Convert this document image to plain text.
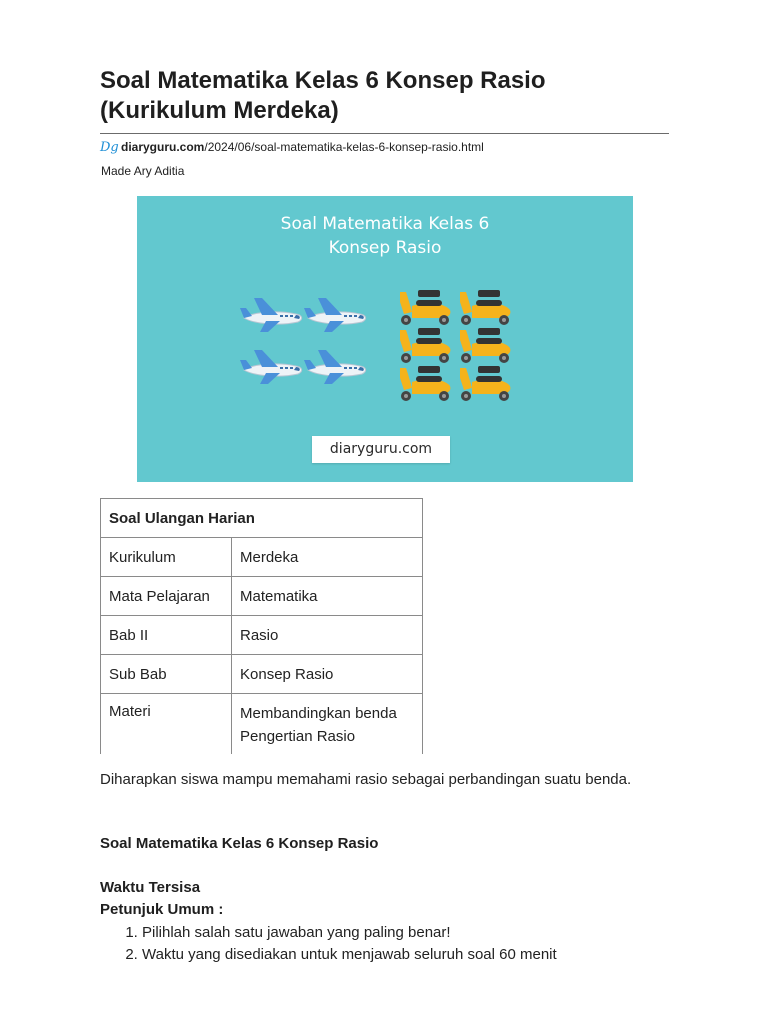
Soal Matematika Kelas 6 Konsep Rasio (Kurikulum Merdeka)
Dg diaryguru.com /2024/06/soal-matematika-kelas-6-konsep-rasio.html
Made Ary Aditia
Soal Matematika Kelas 6
Konsep Rasio
diaryguru.com
Soal Ulangan Harian	
Kurikulum	Merdeka
Mata Pelajaran	Matematika
Bab II	Rasio
Sub Bab	Konsep Rasio
Materi	Membandingkan benda
Pengertian Rasio
Diharapkan siswa mampu memahami rasio sebagai perbandingan suatu benda.
Soal Matematika Kelas 6 Konsep Rasio
Waktu Tersisa
Petunjuk Umum :
1. Pilihlah salah satu jawaban yang paling benar!
2. Waktu yang disediakan untuk menjawab seluruh soal 60 menit
